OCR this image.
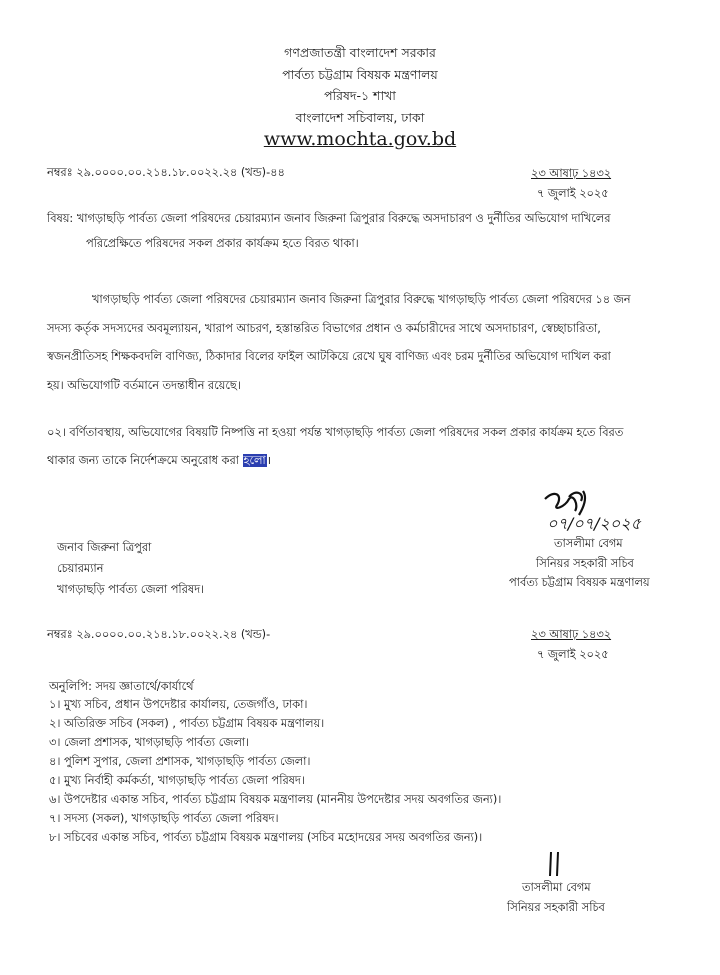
গণপ্রজাতন্ত্রী বাংলাদেশ সরকার
পার্বত্য চট্টগ্রাম বিষয়ক মন্ত্রণালয়
পরিষদ-১ শাখা
বাংলাদেশ সচিবালয়, ঢাকা
www.mochta.gov.bd
নম্বরঃ ২৯.০০০০.০০.২১৪.১৮.০০২২.২৪ (খন্ড)-৪৪	২৩ আষাঢ় ১৪৩২
৭ জুলাই ২০২৫
বিষয়: খাগড়াছড়ি পার্বত্য জেলা পরিষদের চেয়ারম্যান জনাব জিরুনা ত্রিপুরার বিরুদ্ধে অসদাচারণ ও দুর্নীতির অভিযোগ দাখিলের
পরিপ্রেক্ষিতে পরিষদের সকল প্রকার কার্যক্রম হতে বিরত থাকা।
খাগড়াছড়ি পার্বত্য জেলা পরিষদের চেয়ারম্যান জনাব জিরুনা ত্রিপুরার বিরুদ্ধে খাগড়াছড়ি পার্বত্য জেলা পরিষদের ১৪ জন
সদস্য কর্তৃক সদস্যদের অবমূল্যায়ন, খারাপ আচরণ, হস্তান্তরিত বিভাগের প্রধান ও কর্মচারীদের সাথে অসদাচারণ, স্বেচ্ছাচারিতা,
স্বজনপ্রীতিসহ শিক্ষকবদলি বাণিজ্য, ঠিকাদার বিলের ফাইল আটকিয়ে রেখে ঘুষ বাণিজ্য এবং চরম দুর্নীতির অভিযোগ দাখিল করা
হয়। অভিযোগটি বর্তমানে তদন্তাধীন রয়েছে।
০২। বর্ণিতাবস্থায়, অভিযোগের বিষয়টি নিষ্পত্তি না হওয়া পর্যন্ত খাগড়াছড়ি পার্বত্য জেলা পরিষদের সকল প্রকার কার্যক্রম হতে বিরত
থাকার জন্য তাকে নির্দেশক্রমে অনুরোধ করা হলো।
০৭/০৭/২০২৫
তাসলীমা বেগম
সিনিয়র সহকারী সচিব
পার্বত্য চট্টগ্রাম বিষয়ক মন্ত্রণালয়
জনাব জিরুনা ত্রিপুরা
চেয়ারম্যান
খাগড়াছড়ি পার্বত্য জেলা পরিষদ।
নম্বরঃ ২৯.০০০০.০০.২১৪.১৮.০০২২.২৪ (খন্ড)-	২৩ আষাঢ় ১৪৩২
৭ জুলাই ২০২৫
অনুলিপি: সদয় জ্ঞাতার্থে/কার্যার্থে
১। মুখ্য সচিব, প্রধান উপদেষ্টার কার্যালয়, তেজগাঁও, ঢাকা।
২। অতিরিক্ত সচিব (সকল) , পার্বত্য চট্টগ্রাম বিষয়ক মন্ত্রণালয়।
৩। জেলা প্রশাসক, খাগড়াছড়ি পার্বত্য জেলা।
৪। পুলিশ সুপার, জেলা প্রশাসক, খাগড়াছড়ি পার্বত্য জেলা।
৫। মুখ্য নির্বাহী কর্মকর্তা, খাগড়াছড়ি পার্বত্য জেলা পরিষদ।
৬। উপদেষ্টার একান্ত সচিব, পার্বত্য চট্টগ্রাম বিষয়ক মন্ত্রণালয় (মাননীয় উপদেষ্টার সদয় অবগতির জন্য)।
৭। সদস্য (সকল), খাগড়াছড়ি পার্বত্য জেলা পরিষদ।
৮। সচিবের একান্ত সচিব, পার্বত্য চট্টগ্রাম বিষয়ক মন্ত্রণালয় (সচিব মহোদয়ের সদয় অবগতির জন্য)।
তাসলীমা বেগম
সিনিয়র সহকারী সচিব
